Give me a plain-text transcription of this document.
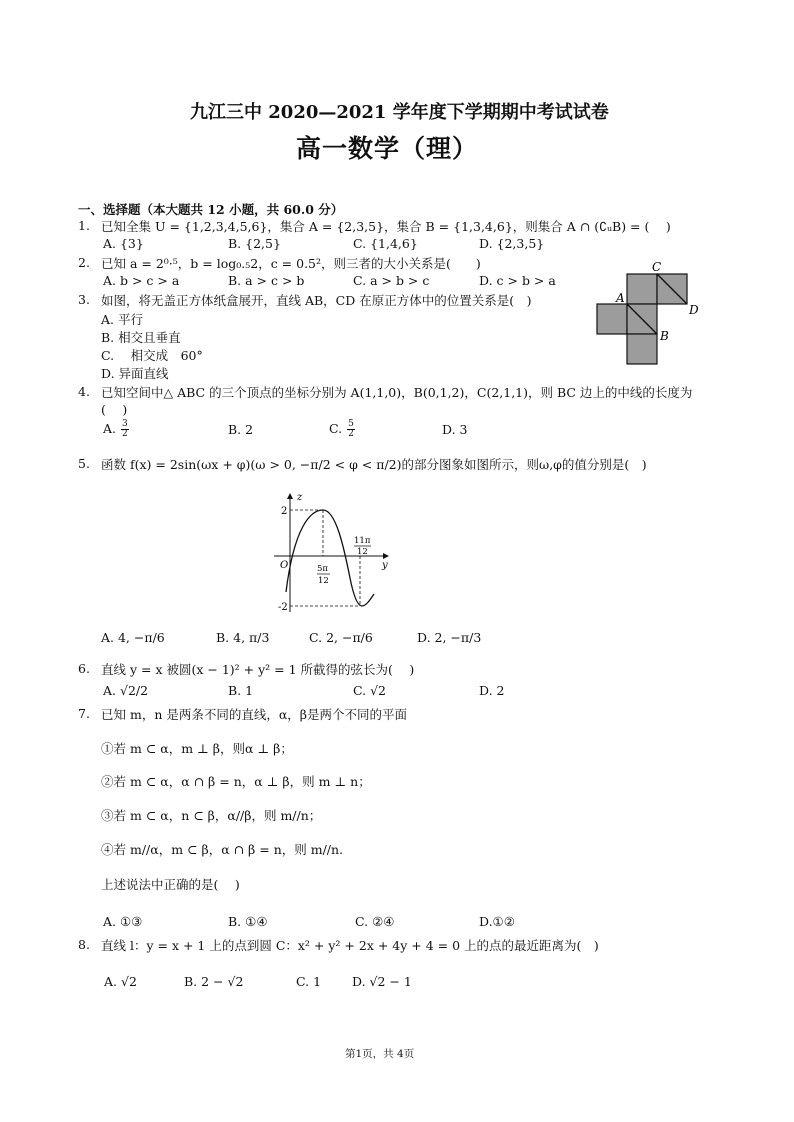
九江三中 2020—2021 学年度下学期期中考试试卷
高一数学（理）
一、选择题（本大题共 12 小题，共 60.0 分）
1. 已知全集 U = {1,2,3,4,5,6}，集合 A = {2,3,5}，集合 B = {1,3,4,6}，则集合 A ∩ (∁ᵤB) = (　 )
A. {3}	B. {2,5}	C. {1,4,6}	D. {2,3,5}
2. 已知 a = 2⁰·⁵，b = log₀.₅2，c = 0.5²，则三者的大小关系是(　　)
A. b > c > a	B. a > c > b	C. a > b > c	D. c > b > a
C
A
D
B
3. 如图，将无盖正方体纸盒展开，直线 AB，CD 在原正方体中的位置关系是(　)
A. 平行
B. 相交且垂直
C.　 相交成　60°
D. 异面直线
4. 已知空间中△ ABC 的三个顶点的坐标分别为 A(1,1,0)，B(0,1,2)，C(2,1,1)，则 BC 边上的中线的长度为
(　 )
A. $\frac{3}{2}$	B. 2	C. $\frac{5}{2}$	D. 3
5. 函数 f(x) = 2sin(ωx + φ)(ω > 0, −π/2 < φ < π/2)的部分图象如图所示，则ω,φ的值分别是(　)
z
y
O
2
-2
5π
12
11π
12
A. 4, −π/6	B. 4, π/3	C. 2, −π/6	D. 2, −π/3
6. 直线 y = x 被圆(x − 1)² + y² = 1 所截得的弦长为(　 )
A. √2/2	B. 1	C. √2	D. 2
7. 已知 m，n 是两条不同的直线，α，β是两个不同的平面
①若 m ⊂ α，m ⊥ β，则α ⊥ β；
②若 m ⊂ α，α ∩ β = n，α ⊥ β，则 m ⊥ n；
③若 m ⊂ α，n ⊂ β，α//β，则 m//n；
④若 m//α，m ⊂ β，α ∩ β = n，则 m//n.
上述说法中正确的是(　 )
A. ①③	B. ①④	C. ②④	D.①②
8. 直线 l：y = x + 1 上的点到圆 C：x² + y² + 2x + 4y + 4 = 0 上的点的最近距离为(　)
A. √2	B. 2 − √2	C. 1 D. √2 − 1
第1页，共 4页
